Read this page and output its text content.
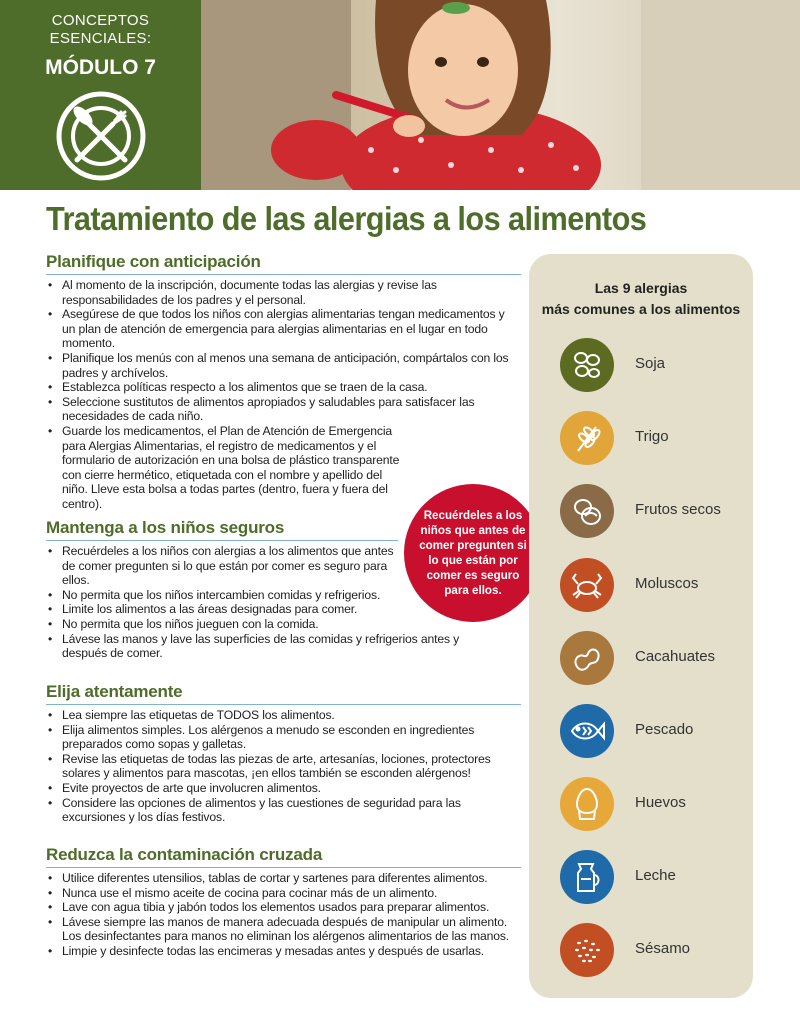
CONCEPTOS
ESENCIALES:
MÓDULO 7
Tratamiento de las alergias a los alimentos
Planifique con anticipación
• Al momento de la inscripción, documente todas las alergias y revise las responsabilidades de los padres y el personal.
• Asegúrese de que todos los niños con alergias alimentarias tengan medicamentos y un plan de atención de emergencia para alergias alimentarias en el lugar en todo momento.
• Planifique los menús con al menos una semana de anticipación, compártalos con los padres y archívelos.
• Establezca políticas respecto a los alimentos que se traen de la casa.
• Seleccione sustitutos de alimentos apropiados y saludables para satisfacer las necesidades de cada niño.
• Guarde los medicamentos, el Plan de Atención de Emergencia para Alergias Alimentarias, el registro de medicamentos y el formulario de autorización en una bolsa de plástico transparente con cierre hermético, etiquetada con el nombre y apellido del niño. Lleve esta bolsa a todas partes (dentro, fuera y fuera del centro).
Mantenga a los niños seguros
• Recuérdeles a los niños con alergias a los alimentos que antes de comer pregunten si lo que están por comer es seguro para ellos.
• No permita que los niños intercambien comidas y refrigerios.
• Limite los alimentos a las áreas designadas para comer.
• No permita que los niños jueguen con la comida.
• Lávese las manos y lave las superficies de las comidas y refrigerios antes y después de comer.
Elija atentamente
• Lea siempre las etiquetas de TODOS los alimentos.
• Elija alimentos simples. Los alérgenos a menudo se esconden en ingredientes preparados como sopas y galletas.
• Revise las etiquetas de todas las piezas de arte, artesanías, lociones, protectores solares y alimentos para mascotas, ¡en ellos también se esconden alérgenos!
• Evite proyectos de arte que involucren alimentos.
• Considere las opciones de alimentos y las cuestiones de seguridad para las excursiones y los días festivos.
Reduzca la contaminación cruzada
• Utilice diferentes utensilios, tablas de cortar y sartenes para diferentes alimentos.
• Nunca use el mismo aceite de cocina para cocinar más de un alimento.
• Lave con agua tibia y jabón todos los elementos usados para preparar alimentos.
• Lávese siempre las manos de manera adecuada después de manipular un alimento. Los desinfectantes para manos no eliminan los alérgenos alimentarios de las manos.
• Limpie y desinfecte todas las encimeras y mesadas antes y después de usarlas.
Recuérdeles a los niños que antes de comer pregunten si lo que están por comer es seguro para ellos.
Las 9 alergias
más comunes a los alimentos
Soja
Trigo
Frutos secos
Moluscos
Cacahuates
Pescado
Huevos
Leche
Sésamo
